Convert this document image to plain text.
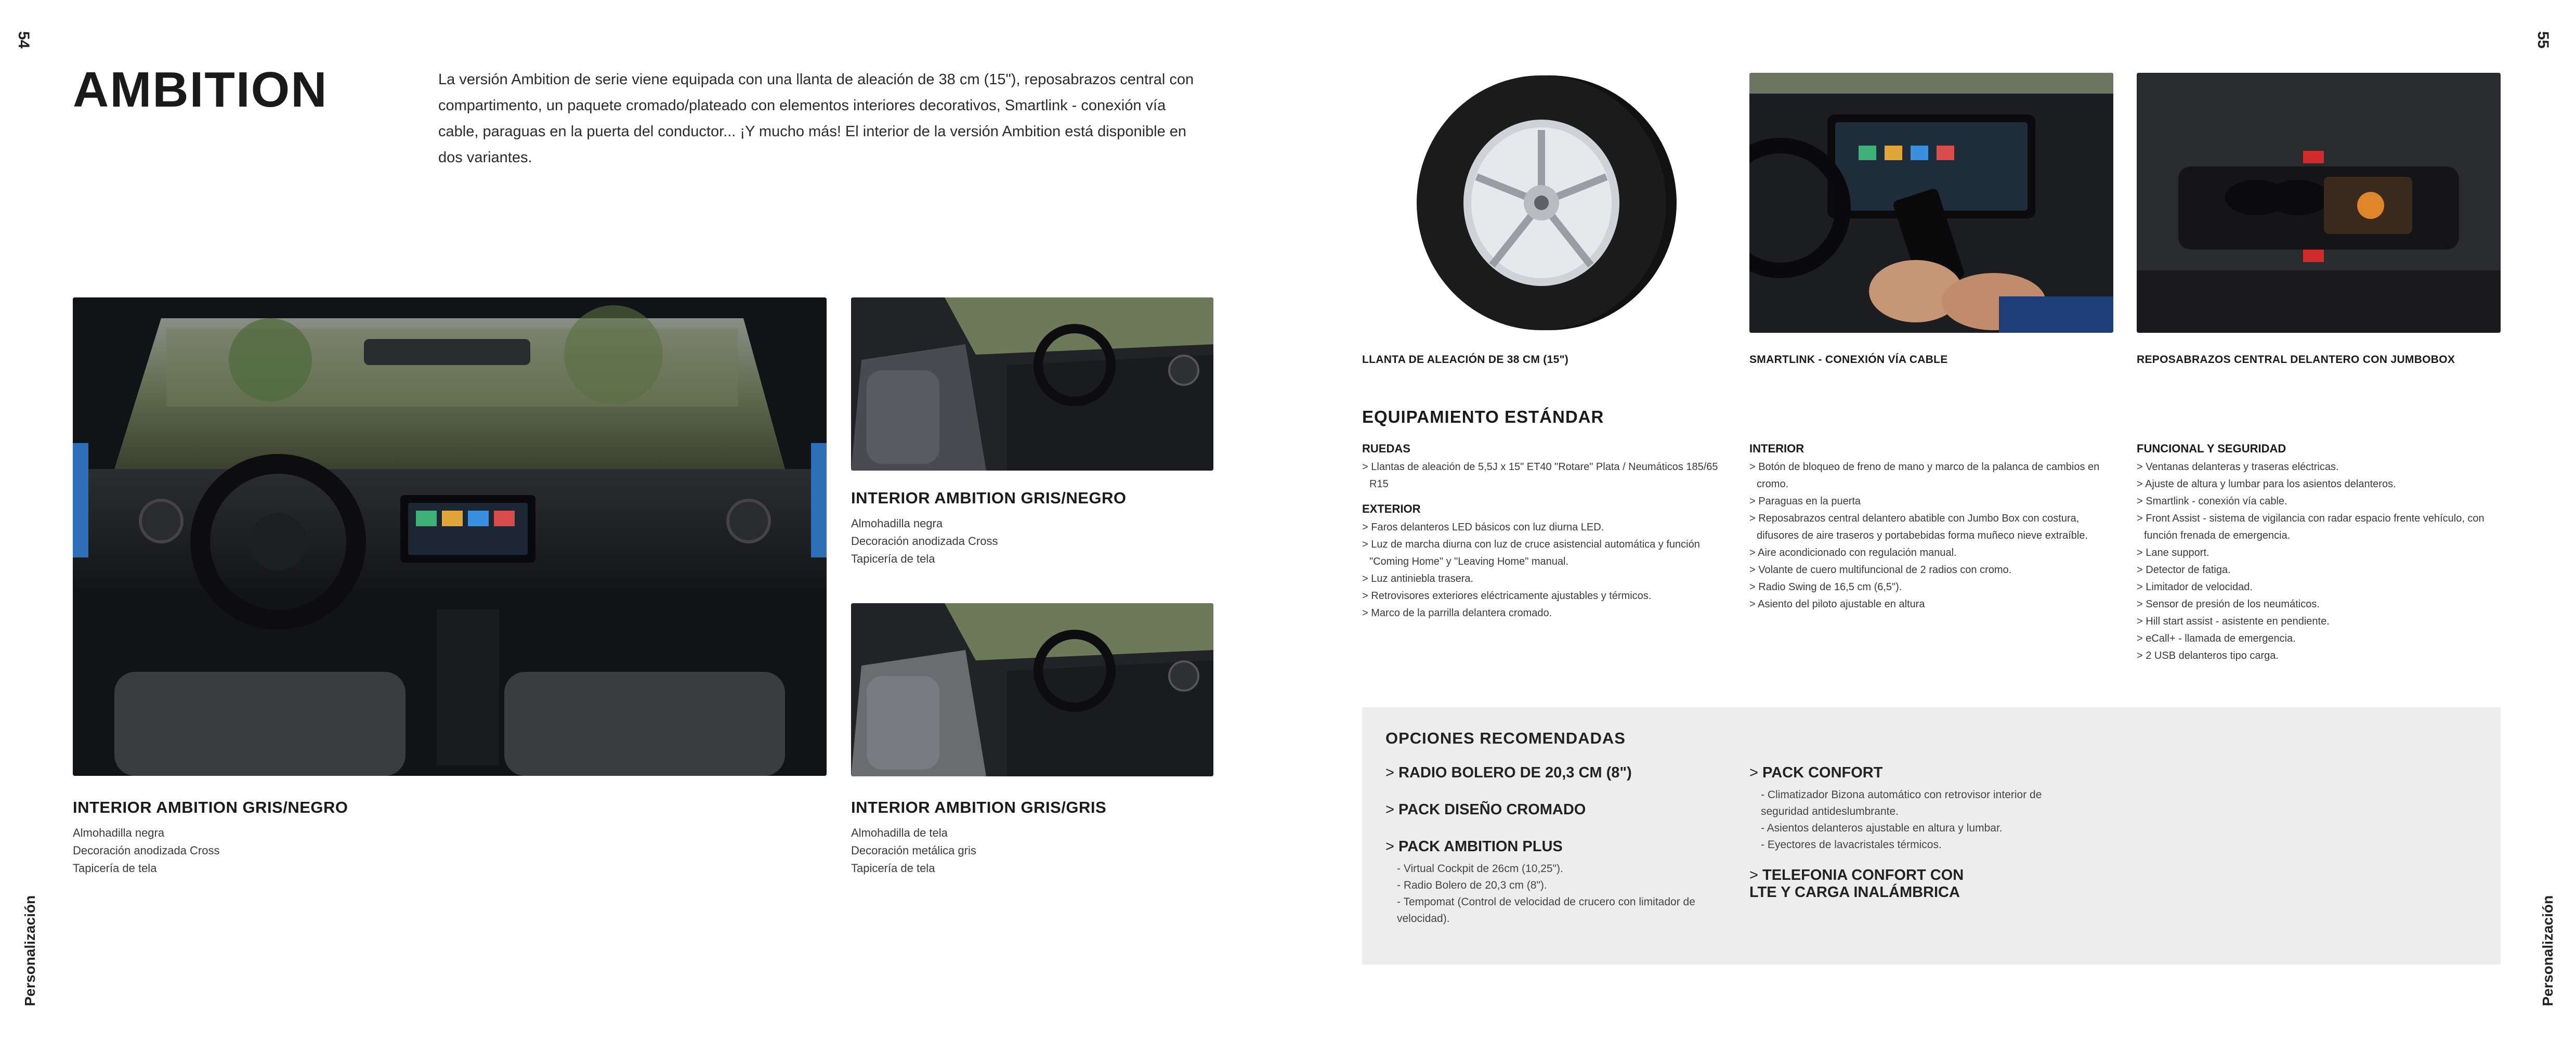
54
Personalización
AMBITION	La versión Ambition de serie viene equipada con una llanta de aleación de 38 cm (15"), reposabrazos central con compartimento, un paquete cromado/plateado con elementos interiores decorativos, Smartlink - conexión vía cable, paraguas en la puerta del conductor... ¡Y mucho más! El interior de la versión Ambition está disponible en dos variantes.
INTERIOR AMBITION GRIS/NEGRO
Almohadilla negra
Decoración anodizada Cross
Tapicería de tela
INTERIOR AMBITION GRIS/NEGRO
Almohadilla negra
Decoración anodizada Cross
Tapicería de tela
INTERIOR AMBITION GRIS/GRIS
Almohadilla de tela
Decoración metálica gris
Tapicería de tela
55
Personalización
LLANTA DE ALEACIÓN DE 38 CM (15")	SMARTLINK - CONEXIÓN VÍA CABLE	REPOSABRAZOS CENTRAL DELANTERO CON JUMBOBOX
EQUIPAMIENTO ESTÁNDAR
RUEDAS
> Llantas de aleación de 5,5J x 15" ET40 "Rotare" Plata / Neumáticos 185/65 R15
EXTERIOR
> Faros delanteros LED básicos con luz diurna LED.
> Luz de marcha diurna con luz de cruce asistencial automática y función "Coming Home" y "Leaving Home" manual.
> Luz antiniebla trasera.
> Retrovisores exteriores eléctricamente ajustables y térmicos.
> Marco de la parrilla delantera cromado.
INTERIOR
> Botón de bloqueo de freno de mano y marco de la palanca de cambios en cromo.
> Paraguas en la puerta
> Reposabrazos central delantero abatible con Jumbo Box con costura, difusores de aire traseros y portabebidas forma muñeco nieve extraíble.
> Aire acondicionado con regulación manual.
> Volante de cuero multifuncional de 2 radios con cromo.
> Radio Swing de 16,5 cm (6,5").
> Asiento del piloto ajustable en altura
FUNCIONAL Y SEGURIDAD
> Ventanas delanteras y traseras eléctricas.
> Ajuste de altura y lumbar para los asientos delanteros.
> Smartlink - conexión vía cable.
> Front Assist - sistema de vigilancia con radar espacio frente vehículo, con función frenada de emergencia.
> Lane support.
> Detector de fatiga.
> Limitador de velocidad.
> Sensor de presión de los neumáticos.
> Hill start assist - asistente en pendiente.
> eCall+ - llamada de emergencia.
> 2 USB delanteros tipo carga.
OPCIONES RECOMENDADAS
> RADIO BOLERO DE 20,3 CM (8")
> PACK DISEÑO CROMADO
> PACK AMBITION PLUS
- Virtual Cockpit de 26cm (10,25").
- Radio Bolero de 20,3 cm (8").
- Tempomat (Control de velocidad de crucero con limitador de velocidad).
> PACK CONFORT
- Climatizador Bizona automático con retrovisor interior de seguridad antideslumbrante.
- Asientos delanteros ajustable en altura y lumbar.
- Eyectores de lavacristales térmicos.
> TELEFONIA CONFORT CON LTE Y CARGA INALÁMBRICA
